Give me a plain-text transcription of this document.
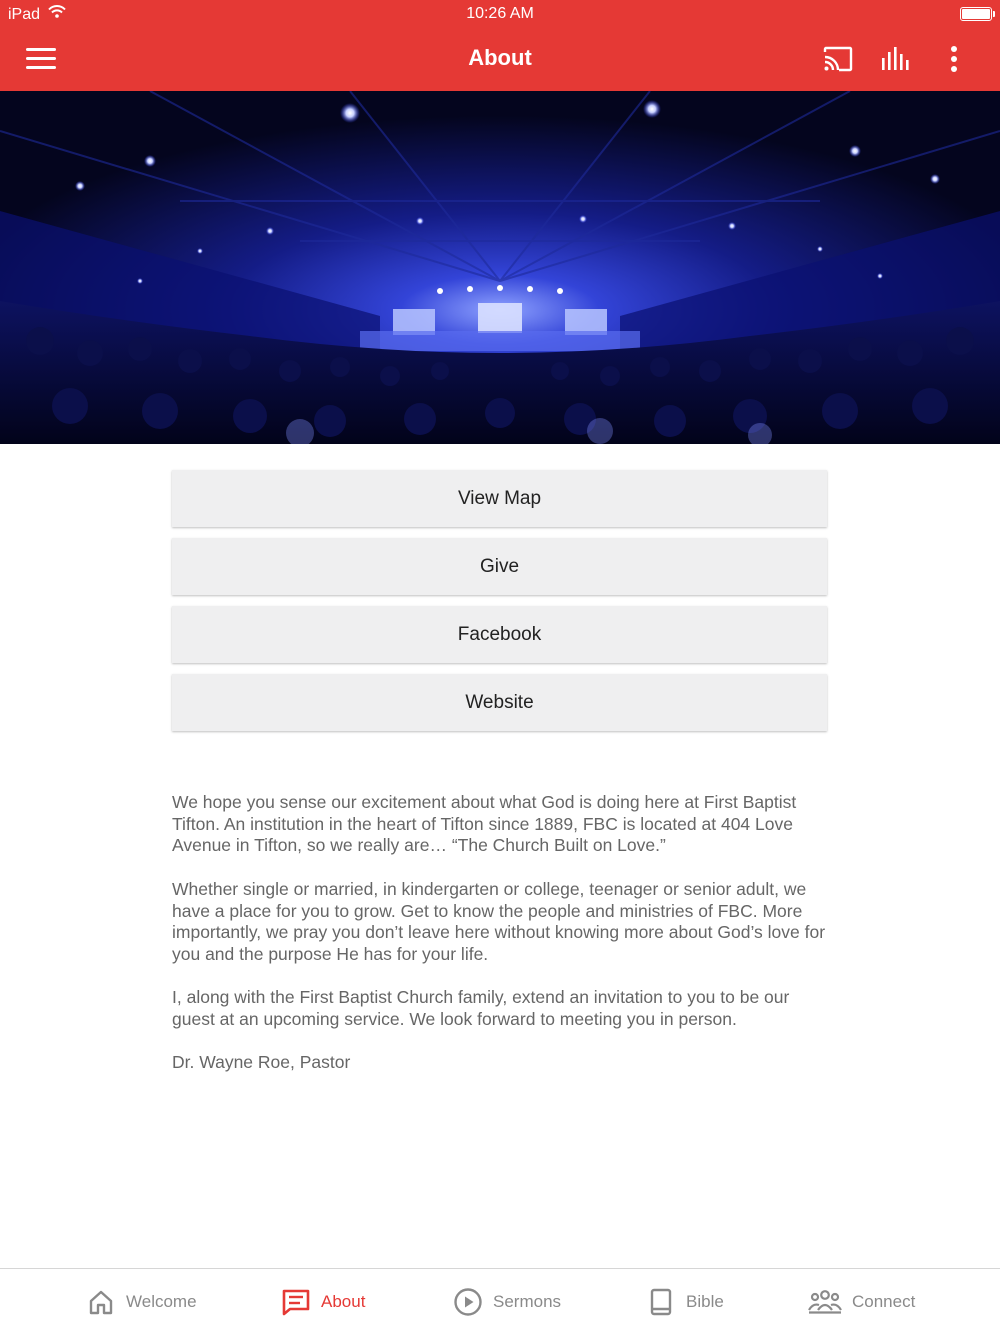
iPad	10:26 AM
About
View Map
Give
Facebook
Website

We hope you sense our excitement about what God is doing here at First Baptist Tifton. An institution in the heart of Tifton since 1889, FBC is located at 404 Love Avenue in Tifton, so we really are… “The Church Built on Love.”

Whether single or married, in kindergarten or college, teenager or senior adult, we have a place for you to grow. Get to know the people and ministries of FBC. More importantly, we pray you don’t leave here without knowing more about God’s love for you and the purpose He has for your life.

I, along with the First Baptist Church family, extend an invitation to you to be our guest at an upcoming service. We look forward to meeting you in person.

Dr. Wayne Roe, Pastor

Welcome	About	Sermons	Bible	Connect
